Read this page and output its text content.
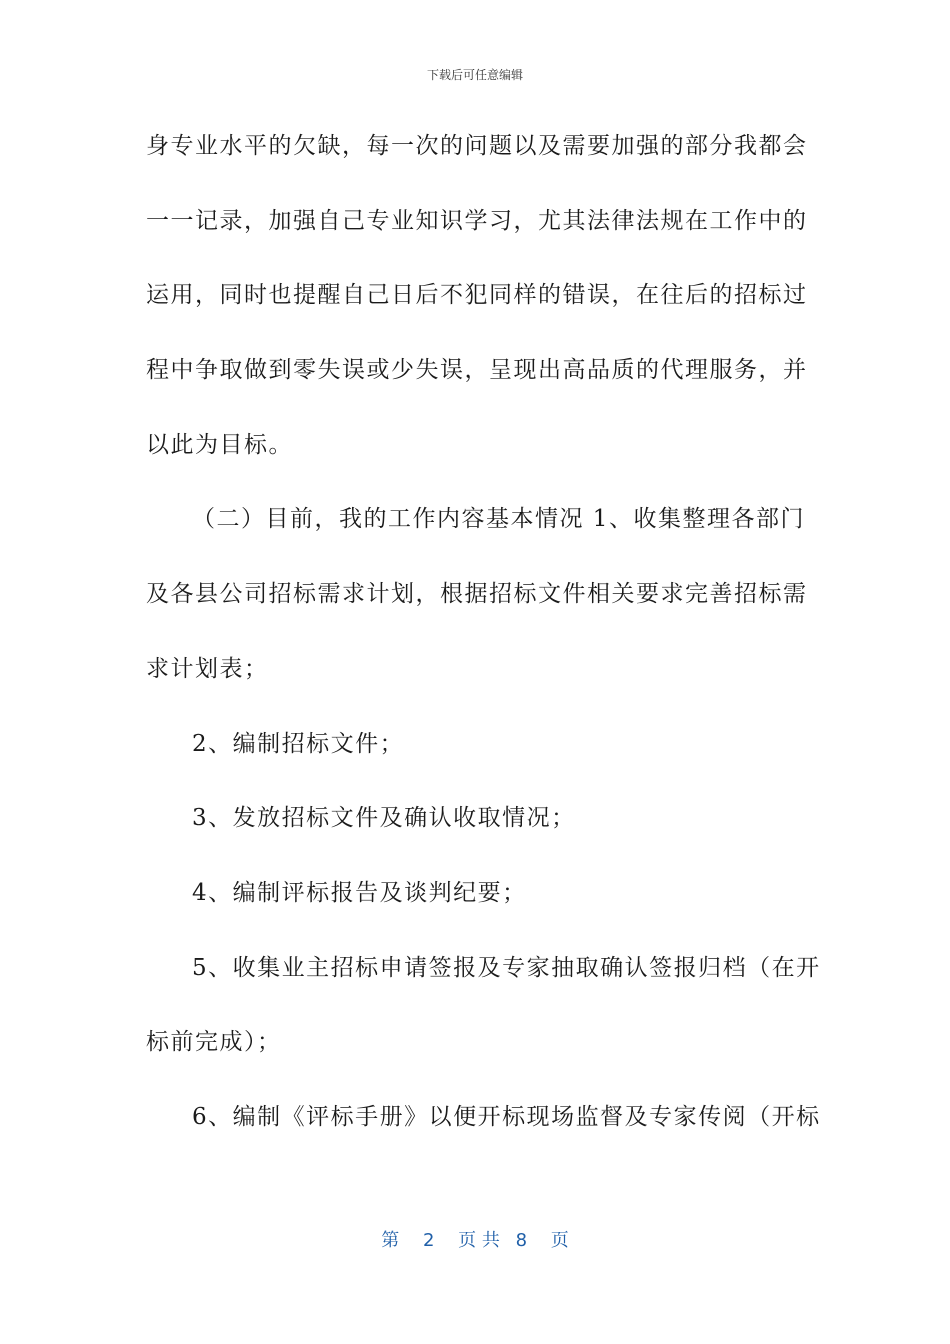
下载后可任意编辑
身专业水平的欠缺，每一次的问题以及需要加强的部分我都会
一一记录，加强自己专业知识学习，尤其法律法规在工作中的
运用，同时也提醒自己日后不犯同样的错误，在往后的招标过
程中争取做到零失误或少失误，呈现出高品质的代理服务，并
以此为目标。
（二）目前，我的工作内容基本情况 1、收集整理各部门
及各县公司招标需求计划，根据招标文件相关要求完善招标需
求计划表；
2、编制招标文件；
3、发放招标文件及确认收取情况；
4、编制评标报告及谈判纪要；
5、收集业主招标申请签报及专家抽取确认签报归档（在开
标前完成）；
6、编制《评标手册》以便开标现场监督及专家传阅（开标
第 2 页 共 8 页
